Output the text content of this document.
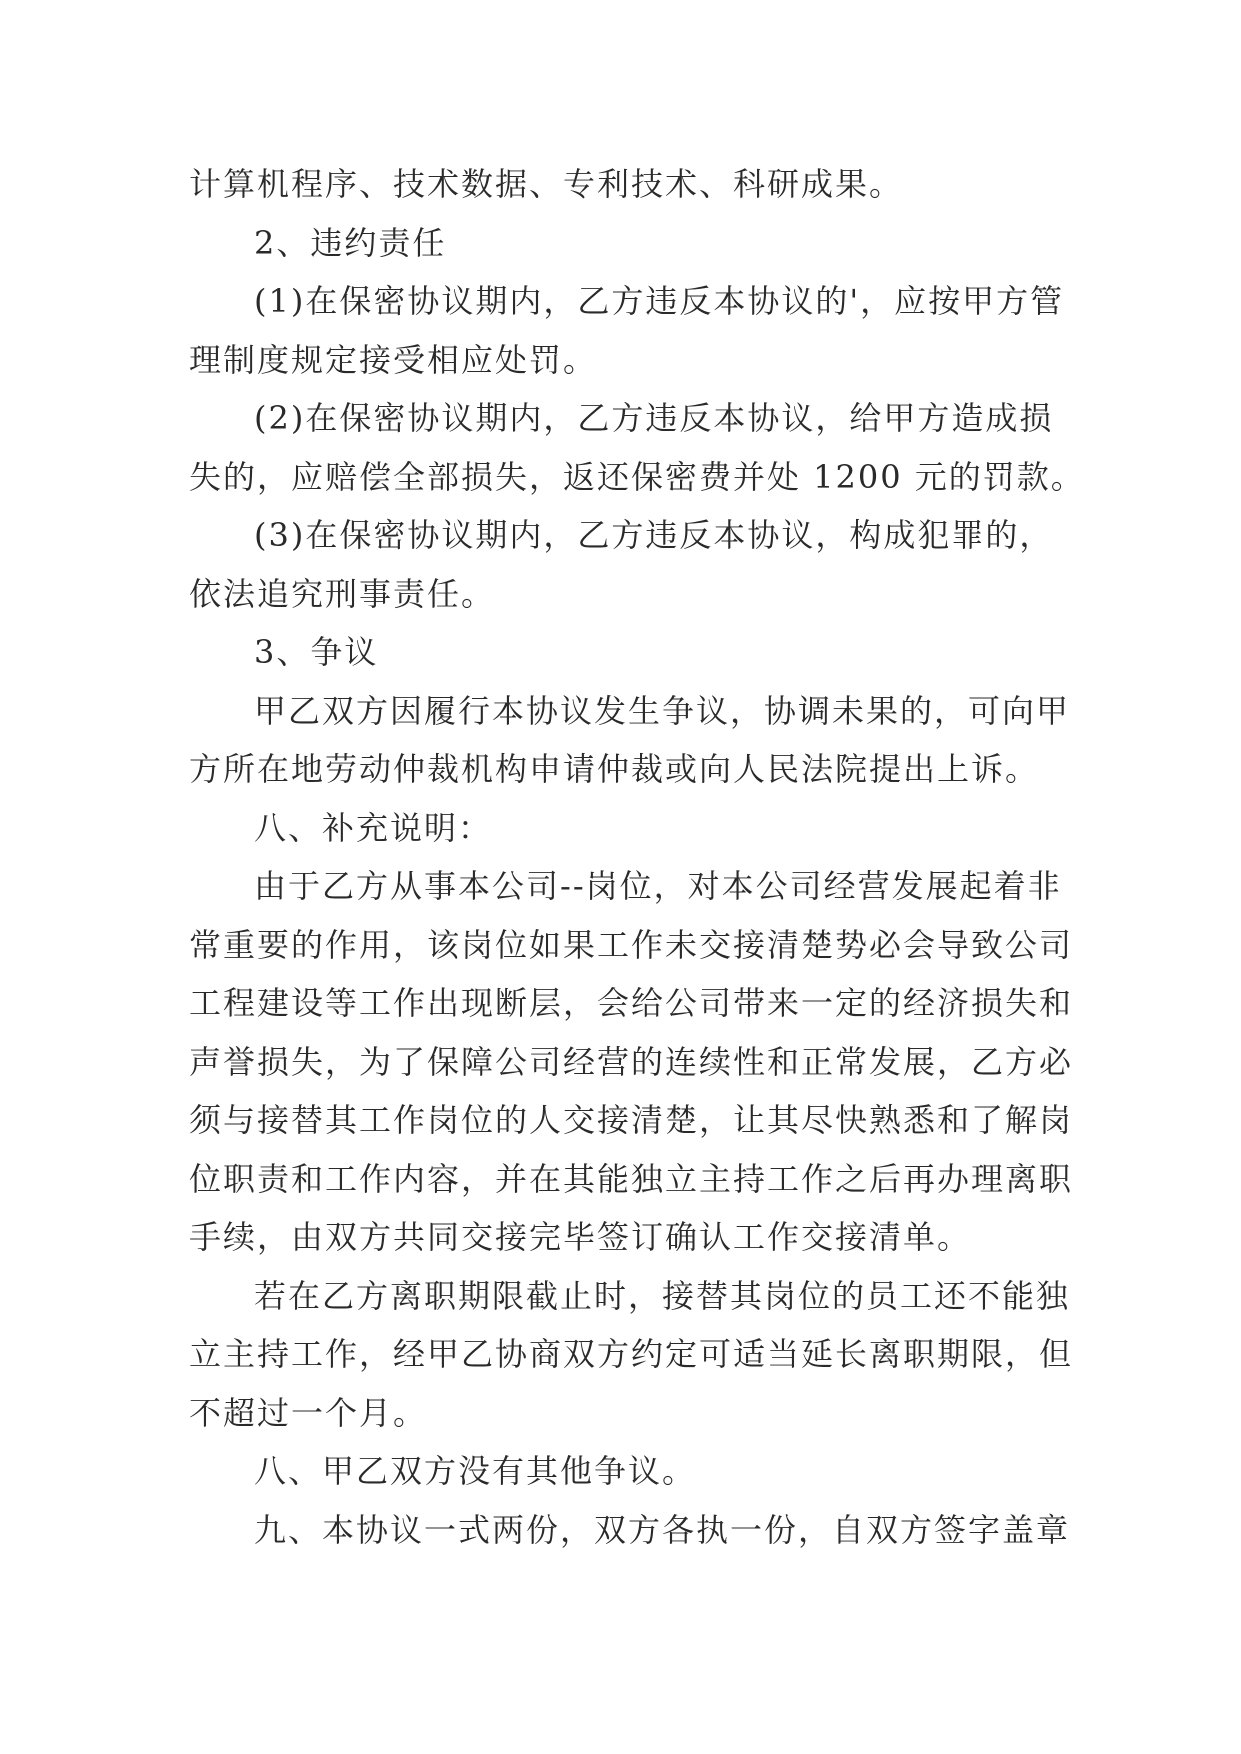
计算机程序、技术数据、专利技术、科研成果。
2、违约责任
(1)在保密协议期内，乙方违反本协议的'，应按甲方管
理制度规定接受相应处罚。
(2)在保密协议期内，乙方违反本协议，给甲方造成损
失的，应赔偿全部损失，返还保密费并处 1200 元的罚款。
(3)在保密协议期内，乙方违反本协议，构成犯罪的，
依法追究刑事责任。
3、争议
甲乙双方因履行本协议发生争议，协调未果的，可向甲
方所在地劳动仲裁机构申请仲裁或向人民法院提出上诉。
八、补充说明：
由于乙方从事本公司--岗位，对本公司经营发展起着非
常重要的作用，该岗位如果工作未交接清楚势必会导致公司
工程建设等工作出现断层，会给公司带来一定的经济损失和
声誉损失，为了保障公司经营的连续性和正常发展，乙方必
须与接替其工作岗位的人交接清楚，让其尽快熟悉和了解岗
位职责和工作内容，并在其能独立主持工作之后再办理离职
手续，由双方共同交接完毕签订确认工作交接清单。
若在乙方离职期限截止时，接替其岗位的员工还不能独
立主持工作，经甲乙协商双方约定可适当延长离职期限，但
不超过一个月。
八、甲乙双方没有其他争议。
九、本协议一式两份，双方各执一份，自双方签字盖章
